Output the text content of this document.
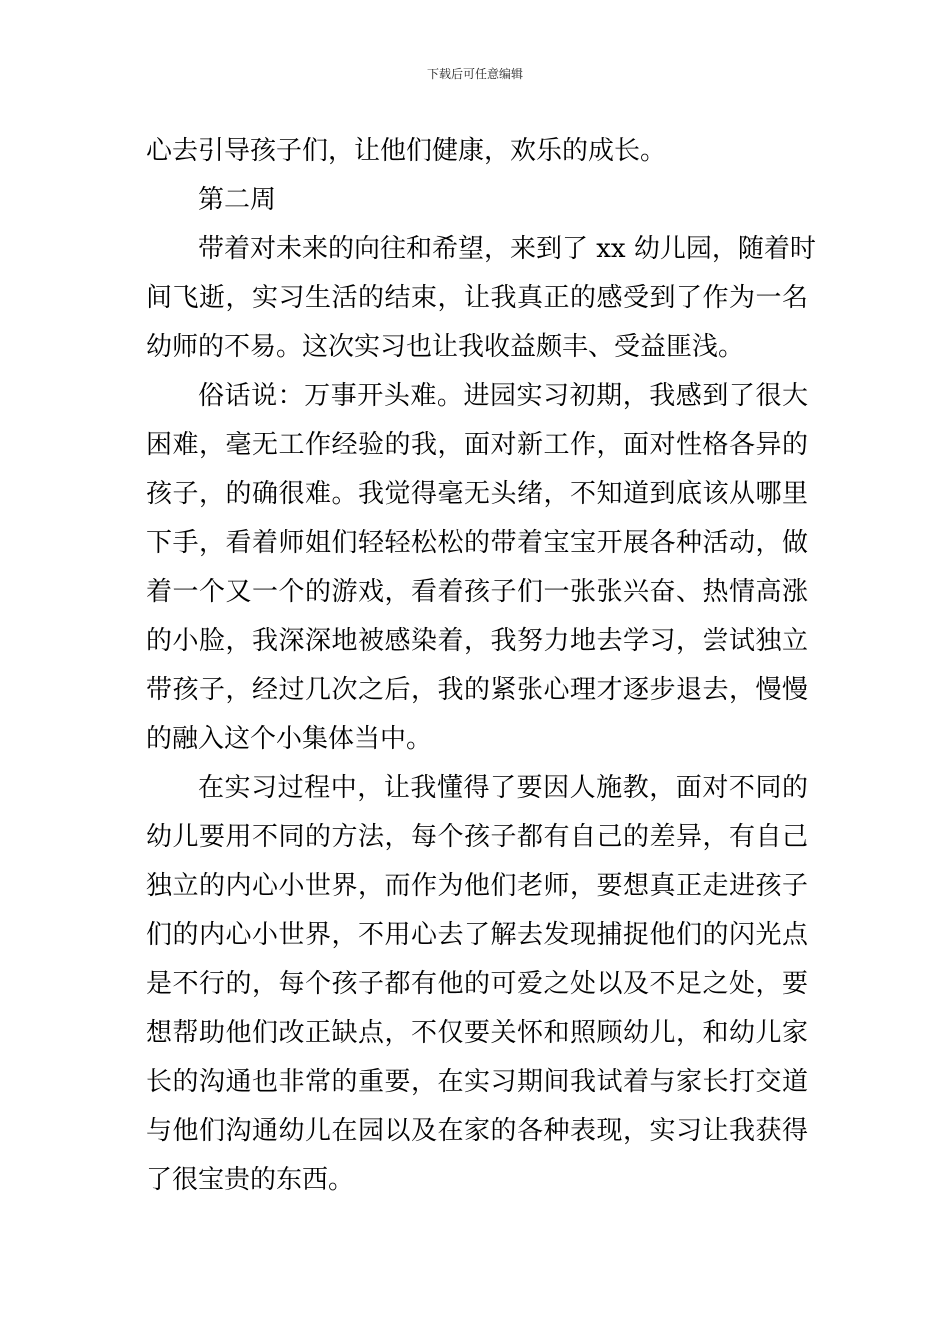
下载后可任意编辑
心去引导孩子们，让他们健康，欢乐的成长。
第二周
带着对未来的向往和希望，来到了 xx 幼儿园，随着时
间飞逝，实习生活的结束，让我真正的感受到了作为一名
幼师的不易。这次实习也让我收益颇丰、受益匪浅。
俗话说：万事开头难。进园实习初期，我感到了很大
困难，毫无工作经验的我，面对新工作，面对性格各异的
孩子，的确很难。我觉得毫无头绪，不知道到底该从哪里
下手，看着师姐们轻轻松松的带着宝宝开展各种活动，做
着一个又一个的游戏，看着孩子们一张张兴奋、热情高涨
的小脸，我深深地被感染着，我努力地去学习，尝试独立
带孩子，经过几次之后，我的紧张心理才逐步退去，慢慢
的融入这个小集体当中。
在实习过程中，让我懂得了要因人施教，面对不同的
幼儿要用不同的方法，每个孩子都有自己的差异，有自己
独立的内心小世界，而作为他们老师，要想真正走进孩子
们的内心小世界，不用心去了解去发现捕捉他们的闪光点
是不行的，每个孩子都有他的可爱之处以及不足之处，要
想帮助他们改正缺点，不仅要关怀和照顾幼儿，和幼儿家
长的沟通也非常的重要，在实习期间我试着与家长打交道
与他们沟通幼儿在园以及在家的各种表现，实习让我获得
了很宝贵的东西。
